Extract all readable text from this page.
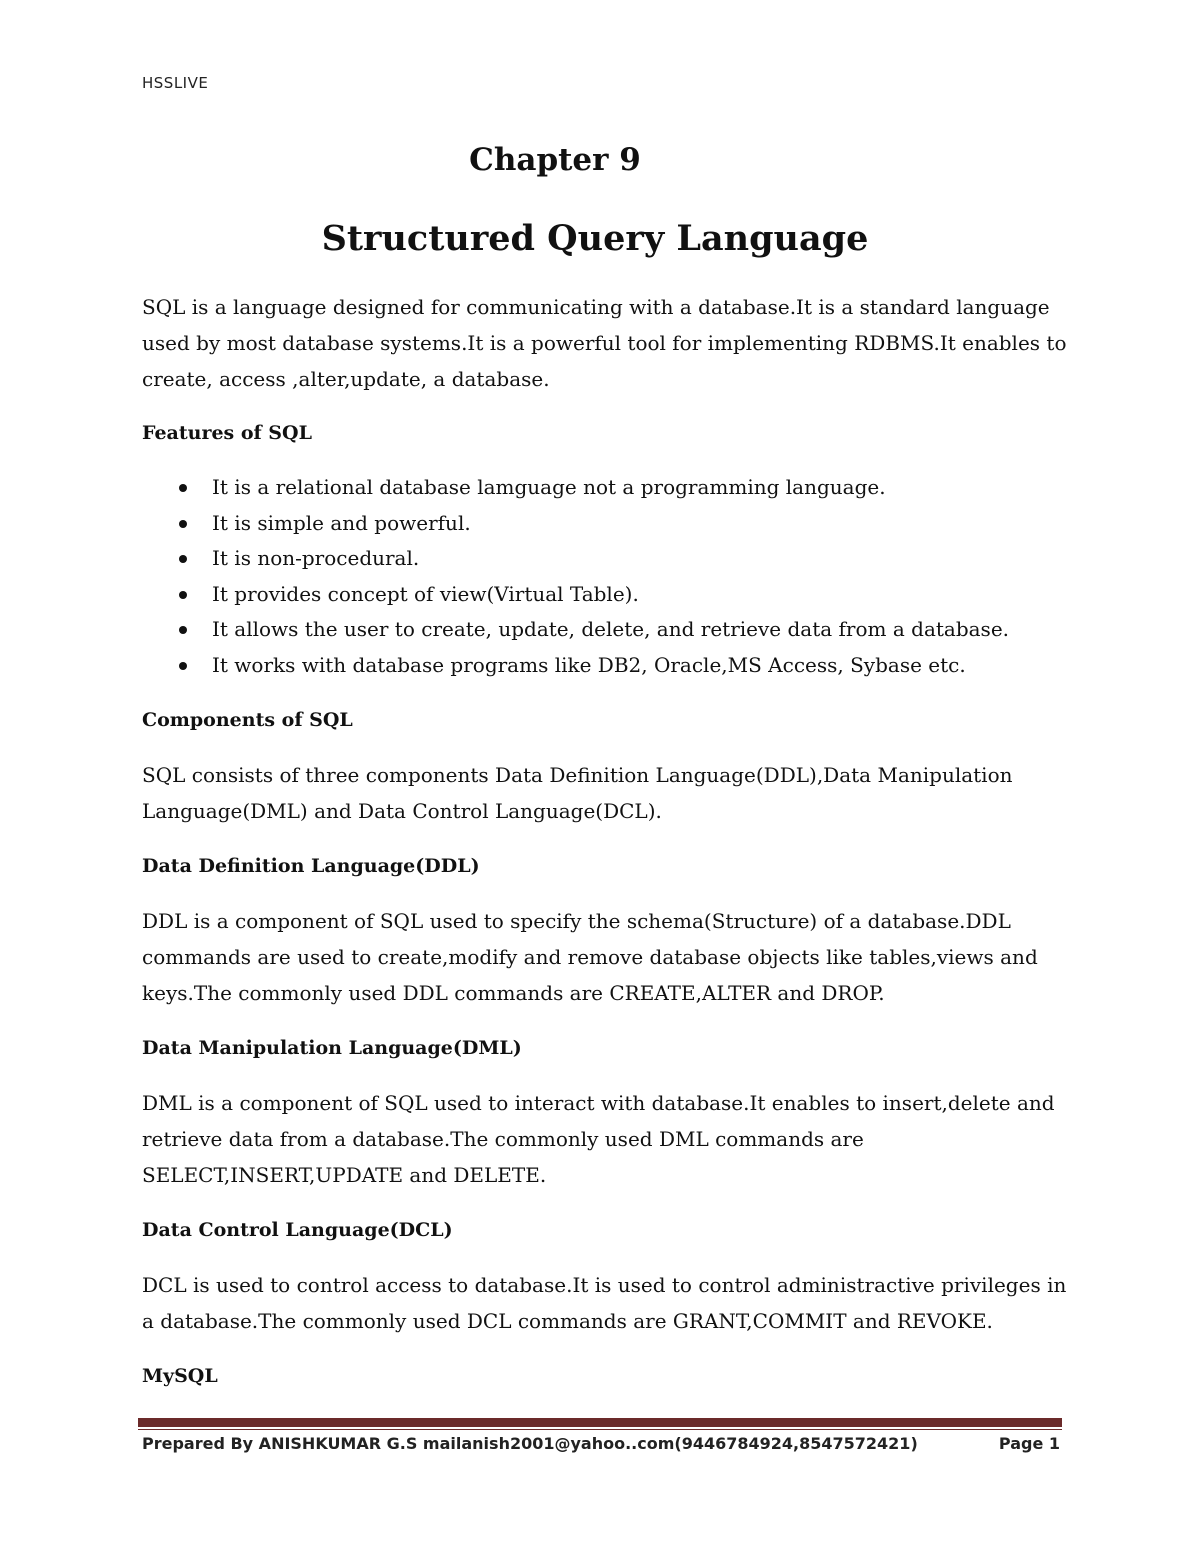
HSSLIVE
Chapter 9
Structured Query Language

SQL is a language designed for communicating with a database.It is a standard language used by most database systems.It is a powerful tool for implementing RDBMS.It enables to create, access ,alter,update, a database.

Features of SQL
It is a relational database lamguage not a programming language.
It is simple and powerful.
It is non-procedural.
It provides concept of view(Virtual Table).
It allows the user to create, update, delete, and retrieve data from a database.
It works with database programs like DB2, Oracle,MS Access, Sybase etc.
Components of SQL

SQL consists of three components Data Definition Language(DDL),Data Manipulation Language(DML) and Data Control Language(DCL).

Data Definition Language(DDL)

DDL is a component of SQL used to specify the schema(Structure) of a database.DDL commands are used to create,modify and remove database objects like tables,views and keys.The commonly used DDL commands are CREATE,ALTER and DROP.

Data Manipulation Language(DML)

DML is a component of SQL used to interact with database.It enables to insert,delete and retrieve data from a database.The commonly used DML commands are SELECT,INSERT,UPDATE and DELETE.

Data Control Language(DCL)

DCL is used to control access to database.It is used to control administractive privileges in a database.The commonly used DCL commands are GRANT,COMMIT and REVOKE.

MySQL
Prepared By ANISHKUMAR G.S mailanish2001@yahoo..com(9446784924,8547572421)	Page 1
